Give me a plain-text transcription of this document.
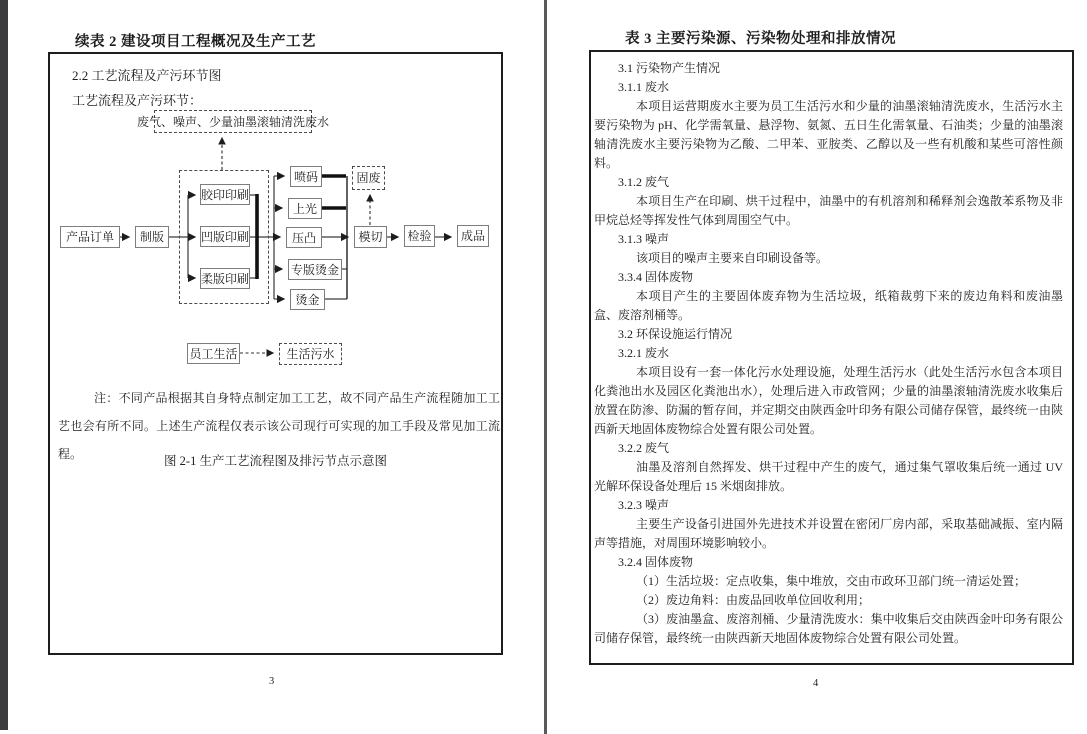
续表 2 建设项目工程概况及生产工艺
2.2 工艺流程及产污环节图
工艺流程及产污环节：
废气、噪声、少量油墨滚轴清洗废水
产品订单	制版
胶印印刷
凹版印刷
柔版印刷
喷码
上光
压凸
专版烫金
烫金
固废
模切	检验	成品
员工生活	生活污水
注：不同产品根据其自身特点制定加工工艺，故不同产品生产流程随加工工艺也会有所不同。上述生产流程仅表示该公司现行可实现的加工手段及常见加工流程。	图 2-1 生产工艺流程图及排污节点示意图
表 3 主要污染源、污染物处理和排放情况
3.1 污染物产生情况
3.1.1 废水
本项目运营期废水主要为员工生活污水和少量的油墨滚轴清洗废水，生活污水主要污染物为 pH、化学需氧量、悬浮物、氨氮、五日生化需氧量、石油类；少量的油墨滚轴清洗废水主要污染物为乙酸、二甲苯、亚胺类、乙醇以及一些有机酸和某些可溶性颜料。
3.1.2 废气
本项目生产在印刷、烘干过程中，油墨中的有机溶剂和稀释剂会逸散苯系物及非甲烷总烃等挥发性气体到周围空气中。
3.1.3 噪声
该项目的噪声主要来自印刷设备等。
3.3.4 固体废物
本项目产生的主要固体废弃物为生活垃圾，纸箱裁剪下来的废边角料和废油墨盒、废溶剂桶等。
3.2 环保设施运行情况
3.2.1 废水
本项目设有一套一体化污水处理设施，处理生活污水（此处生活污水包含本项目化粪池出水及园区化粪池出水），处理后进入市政管网；少量的油墨滚轴清洗废水收集后放置在防渗、防漏的暂存间，并定期交由陕西金叶印务有限公司储存保管，最终统一由陕西新天地固体废物综合处置有限公司处置。
3.2.2 废气
油墨及溶剂自然挥发、烘干过程中产生的废气，通过集气罩收集后统一通过 UV 光解环保设备处理后 15 米烟囱排放。
3.2.3 噪声
主要生产设备引进国外先进技术并设置在密闭厂房内部，采取基础减振、室内隔声等措施，对周围环境影响较小。
3.2.4 固体废物
（1）生活垃圾：定点收集，集中堆放，交由市政环卫部门统一清运处置；
（2）废边角料：由废品回收单位回收利用；
（3）废油墨盒、废溶剂桶、少量清洗废水：集中收集后交由陕西金叶印务有限公司储存保管，最终统一由陕西新天地固体废物综合处置有限公司处置。
3	4
